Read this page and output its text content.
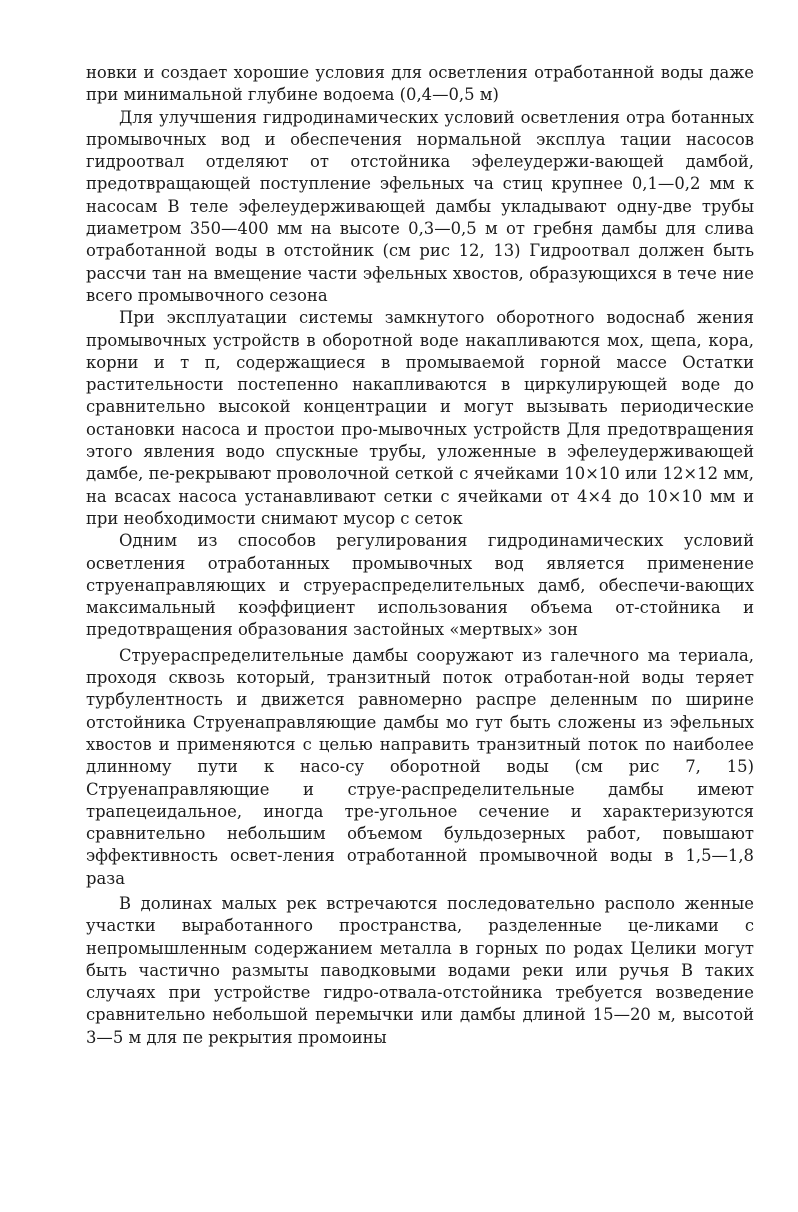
новки и создает хорошие условия для осветления отработанной воды даже при минимальной глубине водоема (0,4—0,5 м)

Для улучшения гидродинамических условий осветления отра ботанных промывочных вод и обеспечения нормальной эксплуа тации насосов гидроотвал отделяют от отстойника эфелеудержи-вающей дамбой, предотвращающей поступление эфельных ча стиц крупнее 0,1—0,2 мм к насосам В теле эфелеудерживающей дамбы укладывают одну-две трубы диаметром 350—400 мм на высоте 0,3—0,5 м от гребня дамбы для слива отработанной воды в отстойник (см рис 12, 13) Гидроотвал должен быть рассчи тан на вмещение части эфельных хвостов, образующихся в тече ние всего промывочного сезона

При эксплуатации системы замкнутого оборотного водоснаб жения промывочных устройств в оборотной воде накапливаются мох, щепа, кора, корни и т п, содержащиеся в промываемой горной массе Остатки растительности постепенно накапливаются в циркулирующей воде до сравнительно высокой концентрации и могут вызывать периодические остановки насоса и простои про-мывочных устройств Для предотвращения этого явления водо спускные трубы, уложенные в эфелеудерживающей дамбе, пе-рекрывают проволочной сеткой с ячейками 10×10 или 12×12 мм, на всасах насоса устанавливают сетки с ячейками от 4×4 до 10×10 мм и при необходимости снимают мусор с сеток

Одним из способов регулирования гидродинамических условий осветления отработанных промывочных вод является применение струенаправляющих и струераспределительных дамб, обеспечи-вающих максимальный коэффициент использования объема от-стойника и предотвращения образования застойных «мертвых» зон

Струераспределительные дамбы сооружают из галечного ма териала, проходя сквозь который, транзитный поток отработан-ной воды теряет турбулентность и движется равномерно распре деленным по ширине отстойника Струенаправляющие дамбы мо гут быть сложены из эфельных хвостов и применяются с целью направить транзитный поток по наиболее длинному пути к насо-су оборотной воды (см рис 7, 15) Струенаправляющие и струе-распределительные дамбы имеют трапецеидальное, иногда тре-угольное сечение и характеризуются сравнительно небольшим объемом бульдозерных работ, повышают эффективность освет-ления отработанной промывочной воды в 1,5—1,8 раза

В долинах малых рек встречаются последовательно располо женные участки выработанного пространства, разделенные це-ликами с непромышленным содержанием металла в горных по родах Целики могут быть частично размыты паводковыми водами реки или ручья В таких случаях при устройстве гидро-отвала-отстойника требуется возведение сравнительно небольшой перемычки или дамбы длиной 15—20 м, высотой 3—5 м для пе рекрытия промоины
